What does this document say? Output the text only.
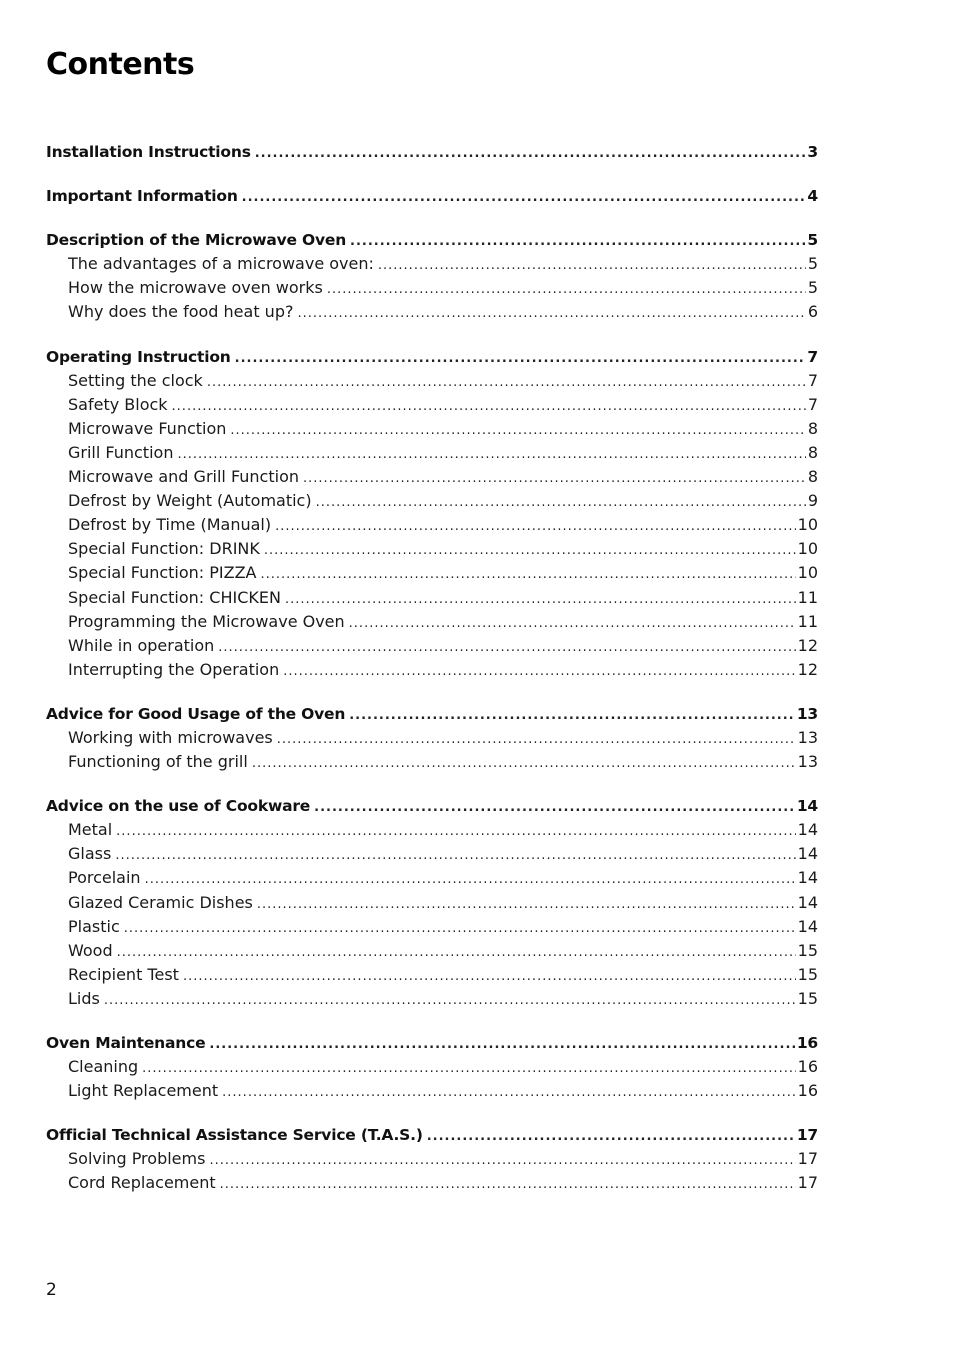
Contents
Installation Instructions .....	3
Important Information .....	4
Description of the Microwave Oven .....	5
The advantages of a microwave oven: .....	5
How the microwave oven works .....	5
Why does the food heat up? .....	6
Operating Instruction .....	7
Setting the clock .....	7
Safety Block .....	7
Microwave Function .....	8
Grill Function .....	8
Microwave and Grill Function .....	8
Defrost by Weight (Automatic) .....	9
Defrost by Time (Manual) .....	10
Special Function: DRINK .....	10
Special Function: PIZZA .....	10
Special Function: CHICKEN .....	11
Programming the Microwave Oven .....	11
While in operation .....	12
Interrupting the Operation .....	12
Advice for Good Usage of the Oven .....	13
Working with microwaves .....	13
Functioning of the grill .....	13
Advice on the use of Cookware .....	14
Metal .....	14
Glass .....	14
Porcelain .....	14
Glazed Ceramic Dishes .....	14
Plastic .....	14
Wood .....	15
Recipient Test .....	15
Lids .....	15
Oven Maintenance .....	16
Cleaning .....	16
Light Replacement .....	16
Official Technical Assistance Service (T.A.S.) .....	17
Solving Problems .....	17
Cord Replacement .....	17
2
